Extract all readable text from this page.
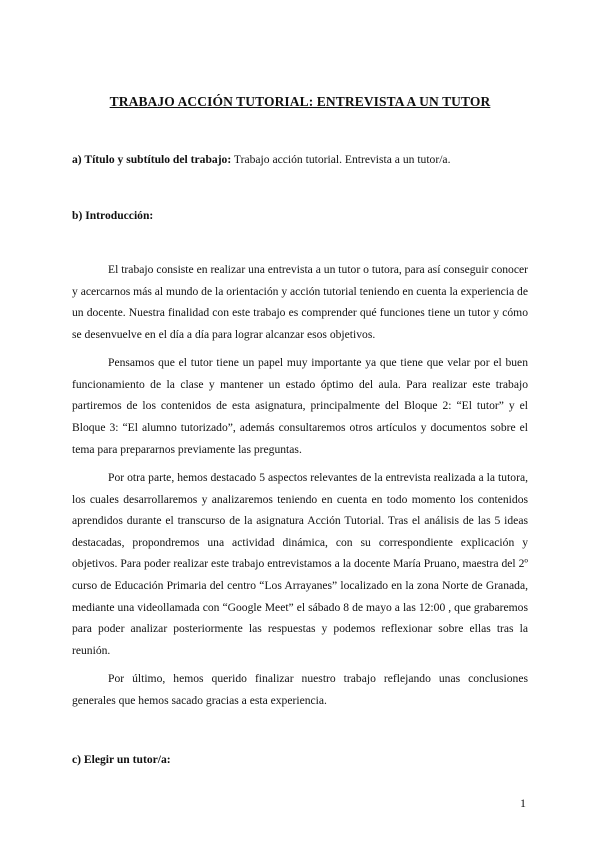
TRABAJO ACCIÓN TUTORIAL: ENTREVISTA A UN TUTOR

a) Título y subtítulo del trabajo: Trabajo acción tutorial. Entrevista a un tutor/a.

b) Introducción:

El trabajo consiste en realizar una entrevista a un tutor o tutora, para así conseguir conocer y acercarnos más al mundo de la orientación y acción tutorial teniendo en cuenta la experiencia de un docente. Nuestra finalidad con este trabajo es comprender qué funciones tiene un tutor y cómo se desenvuelve en el día a día para lograr alcanzar esos objetivos.

Pensamos que el tutor tiene un papel muy importante ya que tiene que velar por el buen funcionamiento de la clase y mantener un estado óptimo del aula. Para realizar este trabajo partiremos de los contenidos de esta asignatura, principalmente del Bloque 2: “El tutor” y el Bloque 3: “El alumno tutorizado”, además consultaremos otros artículos y documentos sobre el tema para prepararnos previamente las preguntas.

Por otra parte, hemos destacado 5 aspectos relevantes de la entrevista realizada a la tutora, los cuales desarrollaremos y analizaremos teniendo en cuenta en todo momento los contenidos aprendidos durante el transcurso de la asignatura Acción Tutorial. Tras el análisis de las 5 ideas destacadas, propondremos una actividad dinámica, con su correspondiente explicación y objetivos. Para poder realizar este trabajo entrevistamos a la docente María Pruano, maestra del 2º curso de Educación Primaria del centro “Los Arrayanes” localizado en la zona Norte de Granada, mediante una videollamada con “Google Meet” el sábado 8 de mayo a las 12:00 , que grabaremos para poder analizar posteriormente las respuestas y podemos reflexionar sobre ellas tras la reunión.

Por último, hemos querido finalizar nuestro trabajo reflejando unas conclusiones generales que hemos sacado gracias a esta experiencia.

c) Elegir un tutor/a:

1
